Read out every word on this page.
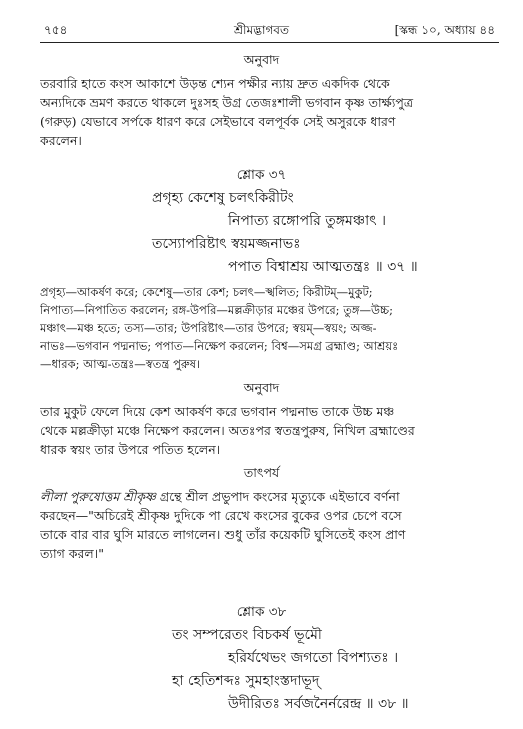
৭৫৪	শ্রীমদ্ভাগবত	[স্কন্ধ ১০, অধ্যায় ৪৪
অনুবাদ

তরবারি হাতে কংস আকাশে উড়ন্ত শ্যেন পক্ষীর ন্যায় দ্রুত একদিক থেকে
অন্যদিকে ভ্রমণ করতে থাকলে দুঃসহ উগ্র তেজঃশালী ভগবান কৃষ্ণ তার্ক্ষ্যপুত্র
(গরুড়) যেভাবে সর্পকে ধারণ করে সেইভাবে বলপূর্বক সেই অসুরকে ধারণ
করলেন।

শ্লোক ৩৭
প্রগৃহ্য কেশেষু চলৎকিরীটং
নিপাত্য রঙ্গোপরি তুঙ্গমঞ্চাৎ ।
তস্যোপরিষ্টাৎ স্বয়মজ্জনাভঃ
পপাত বিশ্বাশ্রয় আত্মতন্ত্রঃ ॥ ৩৭ ॥

প্রগৃহ্য—আকর্ষণ করে; কেশেষু—তার কেশ; চলৎ—স্খলিত; কিরীটম্—মুকুট;
নিপাত্য—নিপাতিত করলেন; রঙ্গ-উপরি—মল্লক্রীড়ার মঞ্চের উপরে; তুঙ্গ—উচ্চ;
মঞ্চাৎ—মঞ্চ হতে; তস্য—তার; উপরিষ্টাৎ—তার উপরে; স্বয়ম্—স্বয়ং; অজ্জ-
নাভঃ—ভগবান পদ্মনাভ; পপাত—নিক্ষেপ করলেন; বিশ্ব—সমগ্র ব্রহ্মাণ্ড; আশ্রয়ঃ
—ধারক; আত্ম-তন্ত্রঃ—স্বতন্ত্র পুরুষ।

অনুবাদ

তার মুকুট ফেলে দিয়ে কেশ আকর্ষণ করে ভগবান পদ্মনাভ তাকে উচ্চ মঞ্চ
থেকে মল্লক্রীড়া মঞ্চে নিক্ষেপ করলেন। অতঃপর স্বতন্ত্রপুরুষ, নিখিল ব্রহ্মাণ্ডের
ধারক স্বয়ং তার উপরে পতিত হলেন।

তাৎপর্য

লীলা পুরুষোত্তম শ্রীকৃষ্ণ গ্রন্থে শ্রীল প্রভুপাদ কংসের মৃত্যুকে এইভাবে বর্ণনা
করছেন—"অচিরেই শ্রীকৃষ্ণ দুদিকে পা রেখে কংসের বুকের ওপর চেপে বসে
তাকে বার বার ঘুসি মারতে লাগলেন। শুধু তাঁর কয়েকটি ঘুসিতেই কংস প্রাণ
ত্যাগ করল।"

শ্লোক ৩৮
তং সম্পরেতং বিচকর্ষ ভূমৌ
হরির্যথেভং জগতো বিপশ্যতঃ ।
হা হেতিশব্দঃ সুমহাংস্তদাভূদ্
উদীরিতঃ সর্বজনৈর্নরেন্দ্র ॥ ৩৮ ॥
